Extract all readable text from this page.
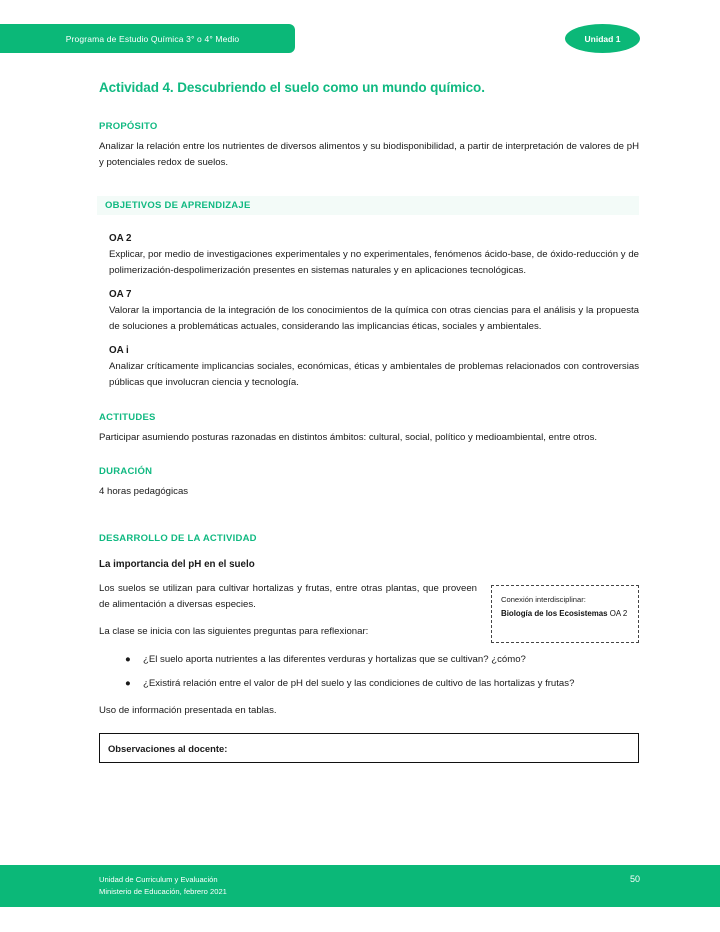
Programa de Estudio Química 3° o 4° Medio	Unidad 1
Actividad 4. Descubriendo el suelo como un mundo químico.
PROPÓSITO

Analizar la relación entre los nutrientes de diversos alimentos y su biodisponibilidad, a partir de interpretación de valores de pH y potenciales redox de suelos.

OBJETIVOS DE APRENDIZAJE
OA 2

Explicar, por medio de investigaciones experimentales y no experimentales, fenómenos ácido-base, de óxido-reducción y de polimerización-despolimerización presentes en sistemas naturales y en aplicaciones tecnológicas.

OA 7

Valorar la importancia de la integración de los conocimientos de la química con otras ciencias para el análisis y la propuesta de soluciones a problemáticas actuales, considerando las implicancias éticas, sociales y ambientales.

OA i

Analizar críticamente implicancias sociales, económicas, éticas y ambientales de problemas relacionados con controversias públicas que involucran ciencia y tecnología.

ACTITUDES

Participar asumiendo posturas razonadas en distintos ámbitos: cultural, social, político y medioambiental, entre otros.

DURACIÓN

4 horas pedagógicas

DESARROLLO DE LA ACTIVIDAD
La importancia del pH en el suelo
Conexión interdisciplinar:
Biología de los Ecosistemas OA 2

Los suelos se utilizan para cultivar hortalizas y frutas, entre otras plantas, que proveen de alimentación a diversas especies.

La clase se inicia con las siguientes preguntas para reflexionar:

● ¿El suelo aporta nutrientes a las diferentes verduras y hortalizas que se cultivan? ¿cómo?
● ¿Existirá relación entre el valor de pH del suelo y las condiciones de cultivo de las hortalizas y frutas?

Uso de información presentada en tablas.

Observaciones al docente:
Unidad de Curriculum y Evaluación
Ministerio de Educación, febrero 2021
50
